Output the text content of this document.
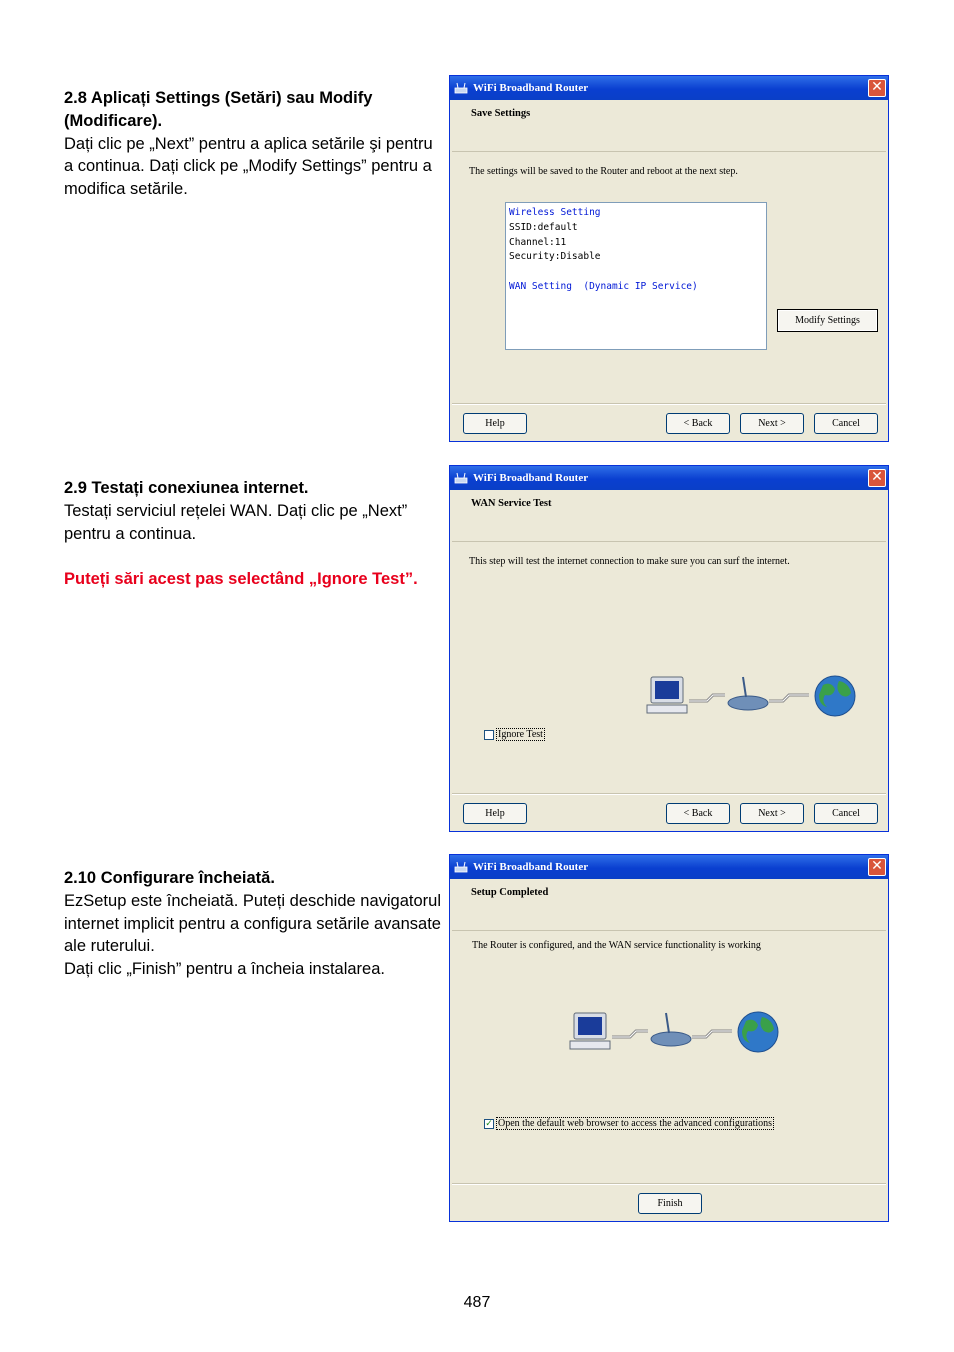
2.8 Aplicați Settings (Setări) sau Modify (Modificare).

Dați clic pe „Next” pentru a aplica setările şi pentru a continua. Dați click pe „Modify Settings” pentru a modifica setările.

2.9 Testați conexiunea internet.

Testați serviciul rețelei WAN. Dați clic pe „Next” pentru a continua.

Puteți sări acest pas selectând „Ignore Test”.

2.10 Configurare încheiată.

EzSetup este încheiată. Puteți deschide navigatorul internet implicit pentru a configura setările avansate ale ruterului.

Dați clic „Finish” pentru a încheia instalarea.

WiFi Broadband Router	✕
Save Settings
The settings will be saved to the Router and reboot at the next step.
Wireless Setting
SSID:default
Channel:11
Security:Disable
WAN Setting  (Dynamic IP Service)
Modify Settings
Help	< Back	Next >	Cancel
WiFi Broadband Router	✕
WAN Service Test
This step will test the internet connection to make sure you can surf the internet.
Ignore Test
Help	< Back	Next >	Cancel
WiFi Broadband Router	✕
Setup Completed
The Router is configured, and the WAN service functionality is working
✓ Open the default web browser to access the advanced configurations
Finish
487
